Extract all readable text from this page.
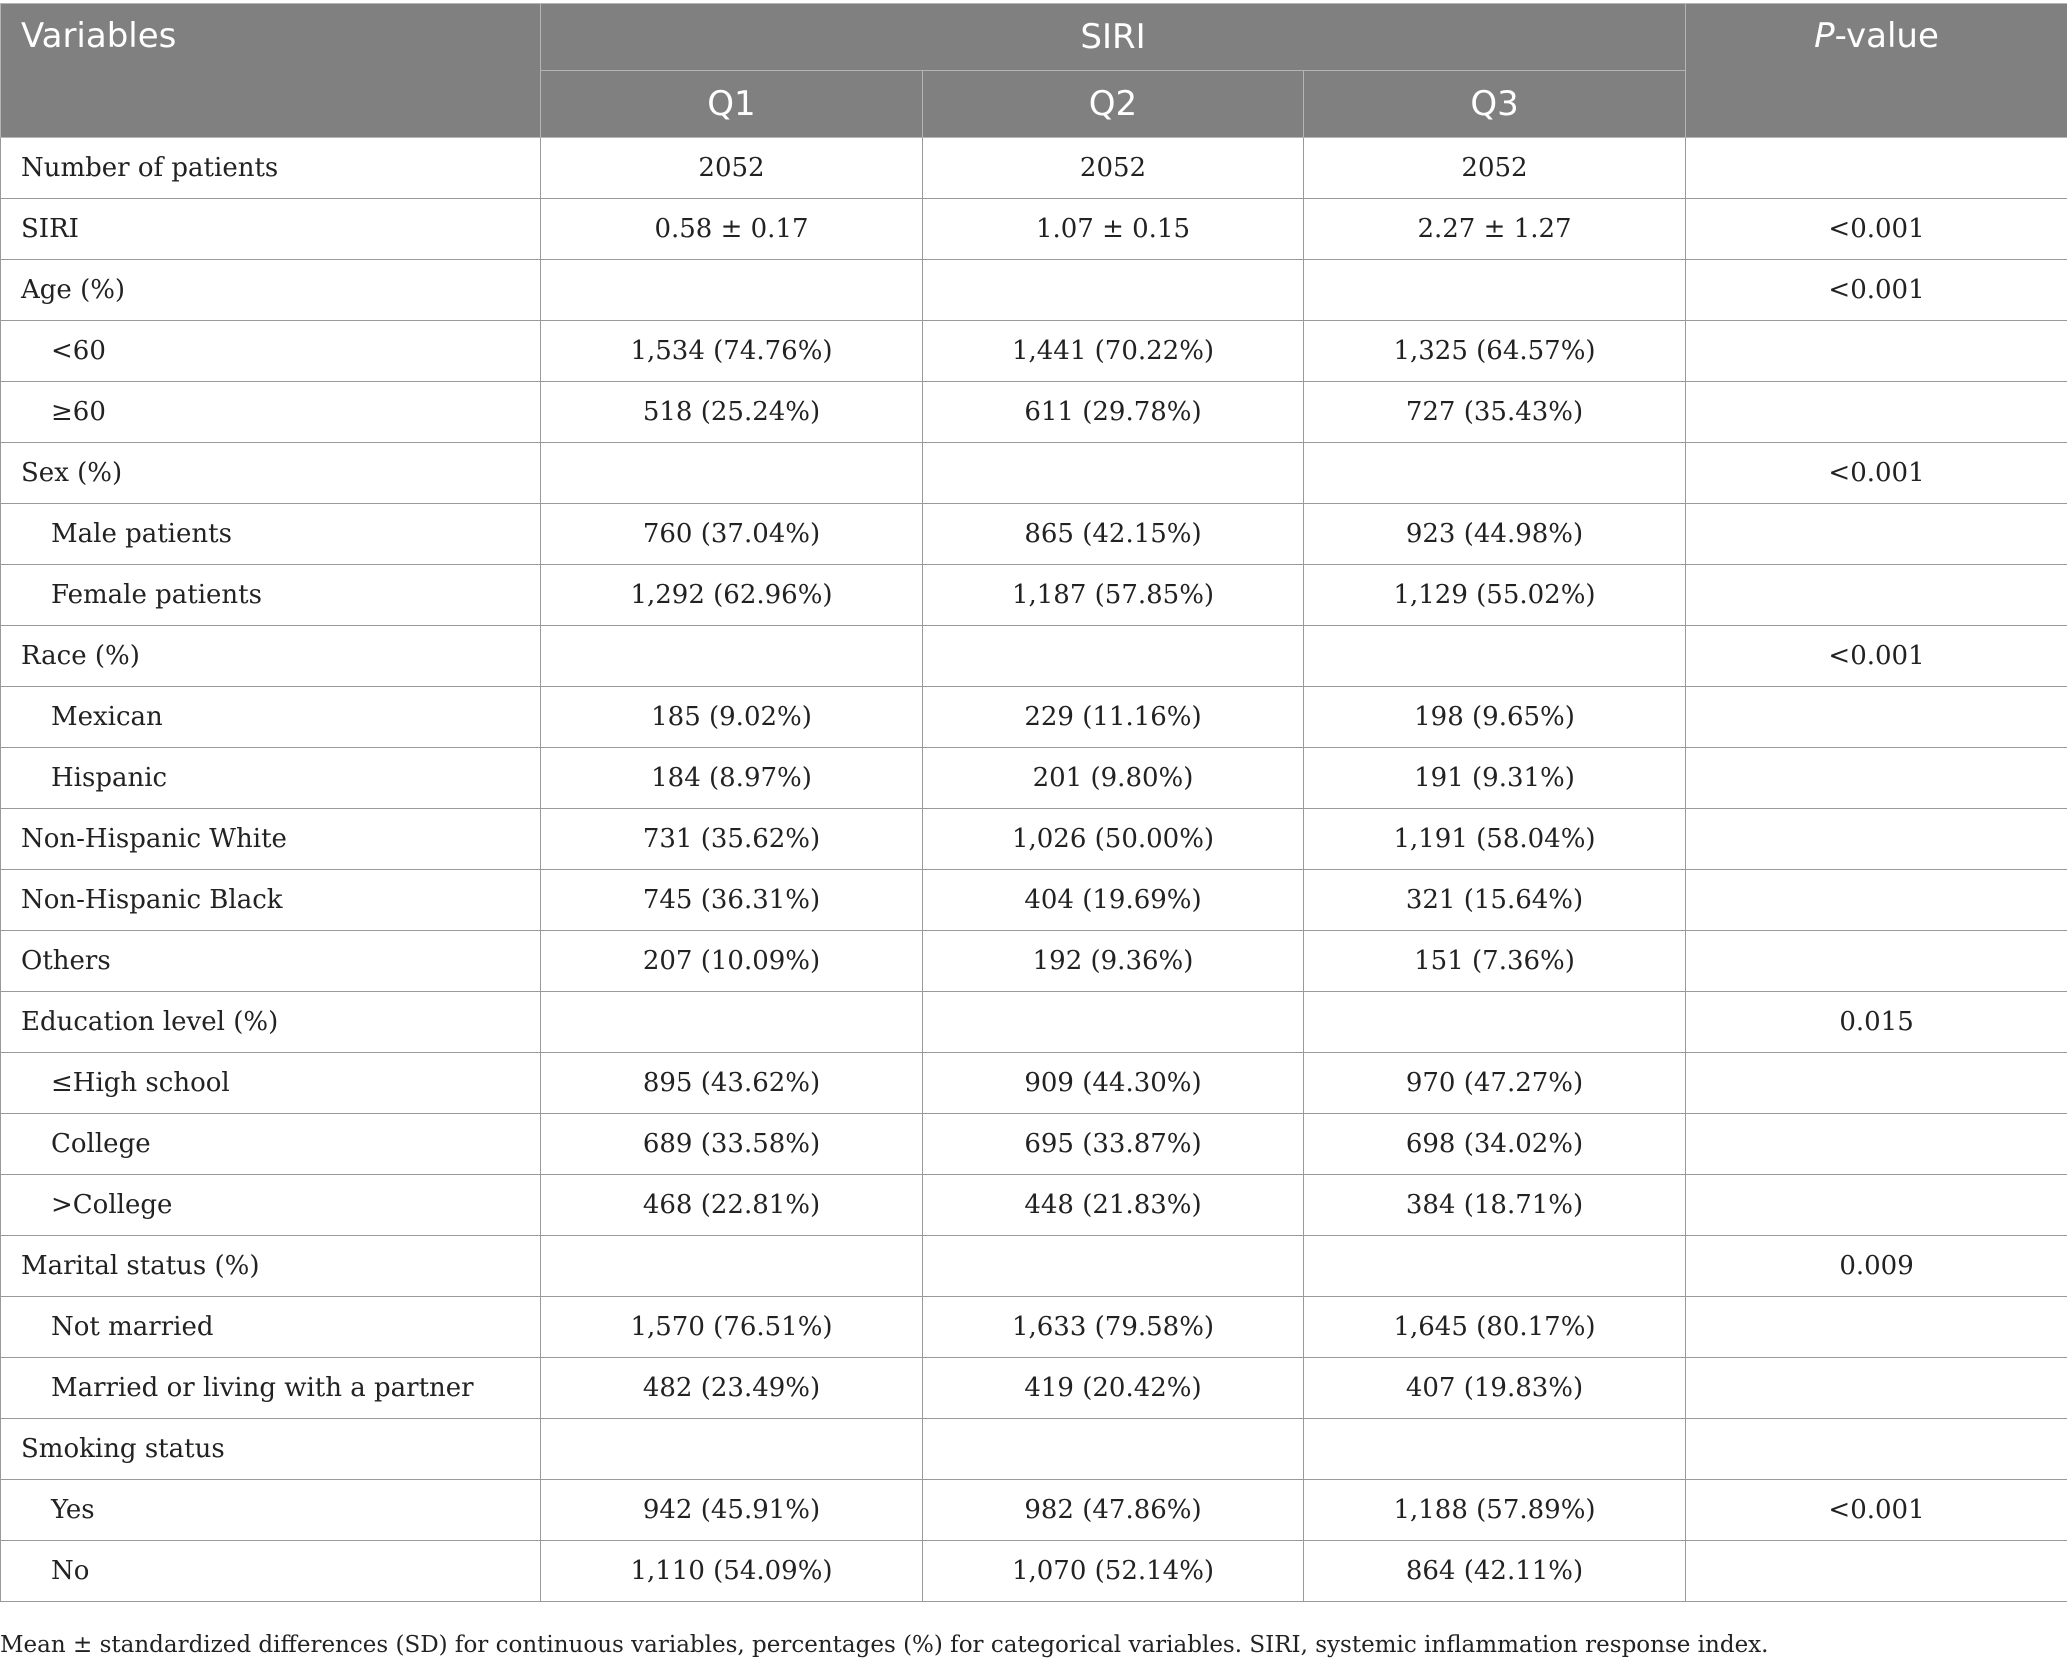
Variables	SIRI			P-value
	Q1	Q2	Q3	
Number of patients	2052	2052	2052	
SIRI	0.58 ± 0.17	1.07 ± 0.15	2.27 ± 1.27	<0.001
Age (%)				<0.001
<60	1,534 (74.76%)	1,441 (70.22%)	1,325 (64.57%)	
≥60	518 (25.24%)	611 (29.78%)	727 (35.43%)	
Sex (%)				<0.001
Male patients	760 (37.04%)	865 (42.15%)	923 (44.98%)	
Female patients	1,292 (62.96%)	1,187 (57.85%)	1,129 (55.02%)	
Race (%)				<0.001
Mexican	185 (9.02%)	229 (11.16%)	198 (9.65%)	
Hispanic	184 (8.97%)	201 (9.80%)	191 (9.31%)	
Non-Hispanic White	731 (35.62%)	1,026 (50.00%)	1,191 (58.04%)	
Non-Hispanic Black	745 (36.31%)	404 (19.69%)	321 (15.64%)	
Others	207 (10.09%)	192 (9.36%)	151 (7.36%)	
Education level (%)				0.015
≤High school	895 (43.62%)	909 (44.30%)	970 (47.27%)	
College	689 (33.58%)	695 (33.87%)	698 (34.02%)	
>College	468 (22.81%)	448 (21.83%)	384 (18.71%)	
Marital status (%)				0.009
Not married	1,570 (76.51%)	1,633 (79.58%)	1,645 (80.17%)	
Married or living with a partner	482 (23.49%)	419 (20.42%)	407 (19.83%)	
Smoking status				
Yes	942 (45.91%)	982 (47.86%)	1,188 (57.89%)	<0.001
No	1,110 (54.09%)	1,070 (52.14%)	864 (42.11%)	
Mean ± standardized differences (SD) for continuous variables, percentages (%) for categorical variables. SIRI, systemic inflammation response index.
